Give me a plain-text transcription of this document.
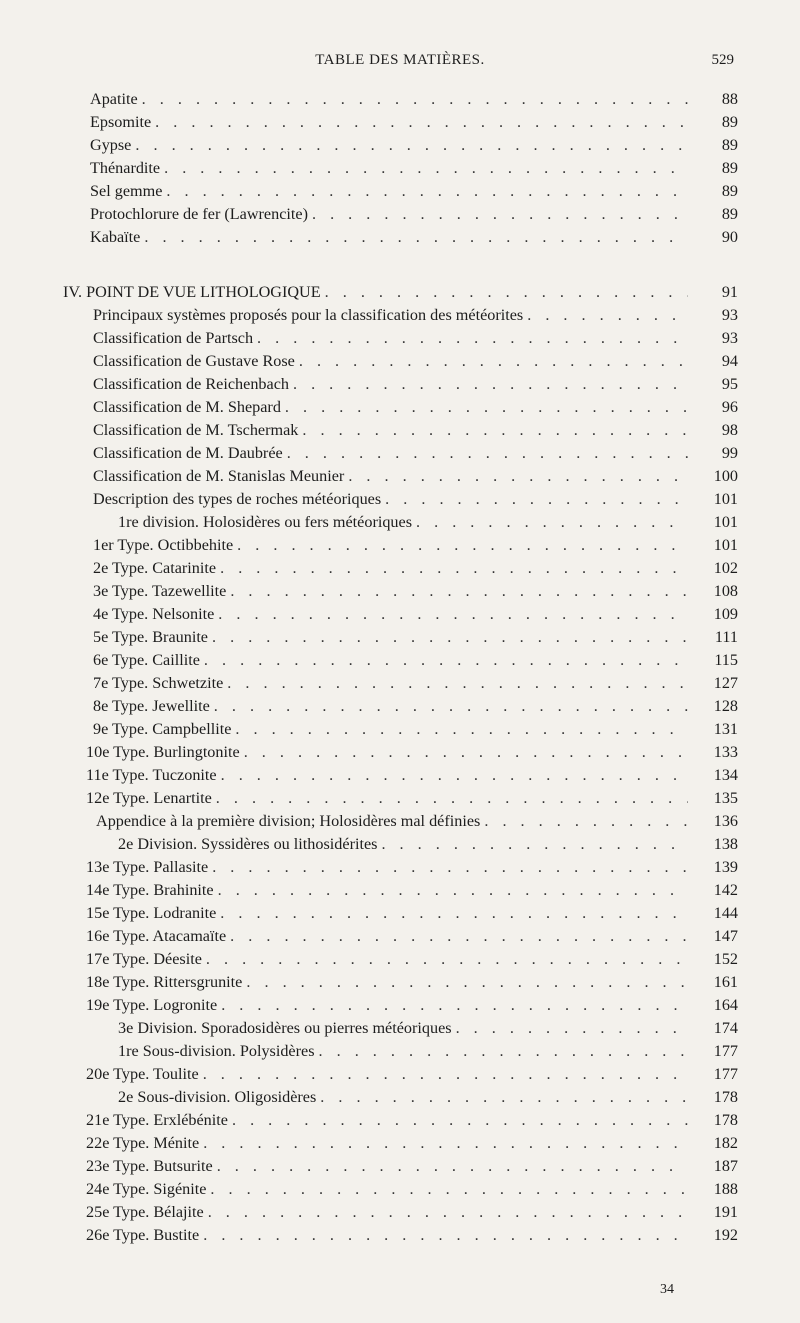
TABLE DES MATIÈRES.	529
Apatite . . .	88
Epsomite . . .	89
Gypse . . .	89
Thénardite . . .	89
Sel gemme . . .	89
Protochlorure de fer (Lawrencite) . . .	89
Kabaïte . . .	90
IV. POINT DE VUE LITHOLOGIQUE . . .	91
Principaux systèmes proposés pour la classification des météorites . . .	93
Classification de Partsch . . .	93
Classification de Gustave Rose . . .	94
Classification de Reichenbach . . .	95
Classification de M. Shepard . . .	96
Classification de M. Tschermak . . .	98
Classification de M. Daubrée . . .	99
Classification de M. Stanislas Meunier . . .	100
Description des types de roches météoriques . . .	101
1re division. Holosidères ou fers météoriques . . .	101
1er Type. Octibbehite . . .	101
2e Type. Catarinite . . .	102
3e Type. Tazewellite . . .	108
4e Type. Nelsonite . . .	109
5e Type. Braunite . . .	111
6e Type. Caillite . . .	115
7e Type. Schwetzite . . .	127
8e Type. Jewellite . . .	128
9e Type. Campbellite . . .	131
10e Type. Burlingtonite . . .	133
11e Type. Tuczonite . . .	134
12e Type. Lenartite . . .	135
Appendice à la première division; Holosidères mal définies . . .	136
2e Division. Syssidères ou lithosidérites . . .	138
13e Type. Pallasite . . .	139
14e Type. Brahinite . . .	142
15e Type. Lodranite . . .	144
16e Type. Atacamaïte . . .	147
17e Type. Déesite . . .	152
18e Type. Rittersgrunite . . .	161
19e Type. Logronite . . .	164
3e Division. Sporadosidères ou pierres météoriques . . .	174
1re Sous-division. Polysidères . . .	177
20e Type. Toulite . . .	177
2e Sous-division. Oligosidères . . .	178
21e Type. Erxlébénite . . .	178
22e Type. Ménite . . .	182
23e Type. Butsurite . . .	187
24e Type. Sigénite . . .	188
25e Type. Bélajite . . .	191
26e Type. Bustite . . .	192
34
